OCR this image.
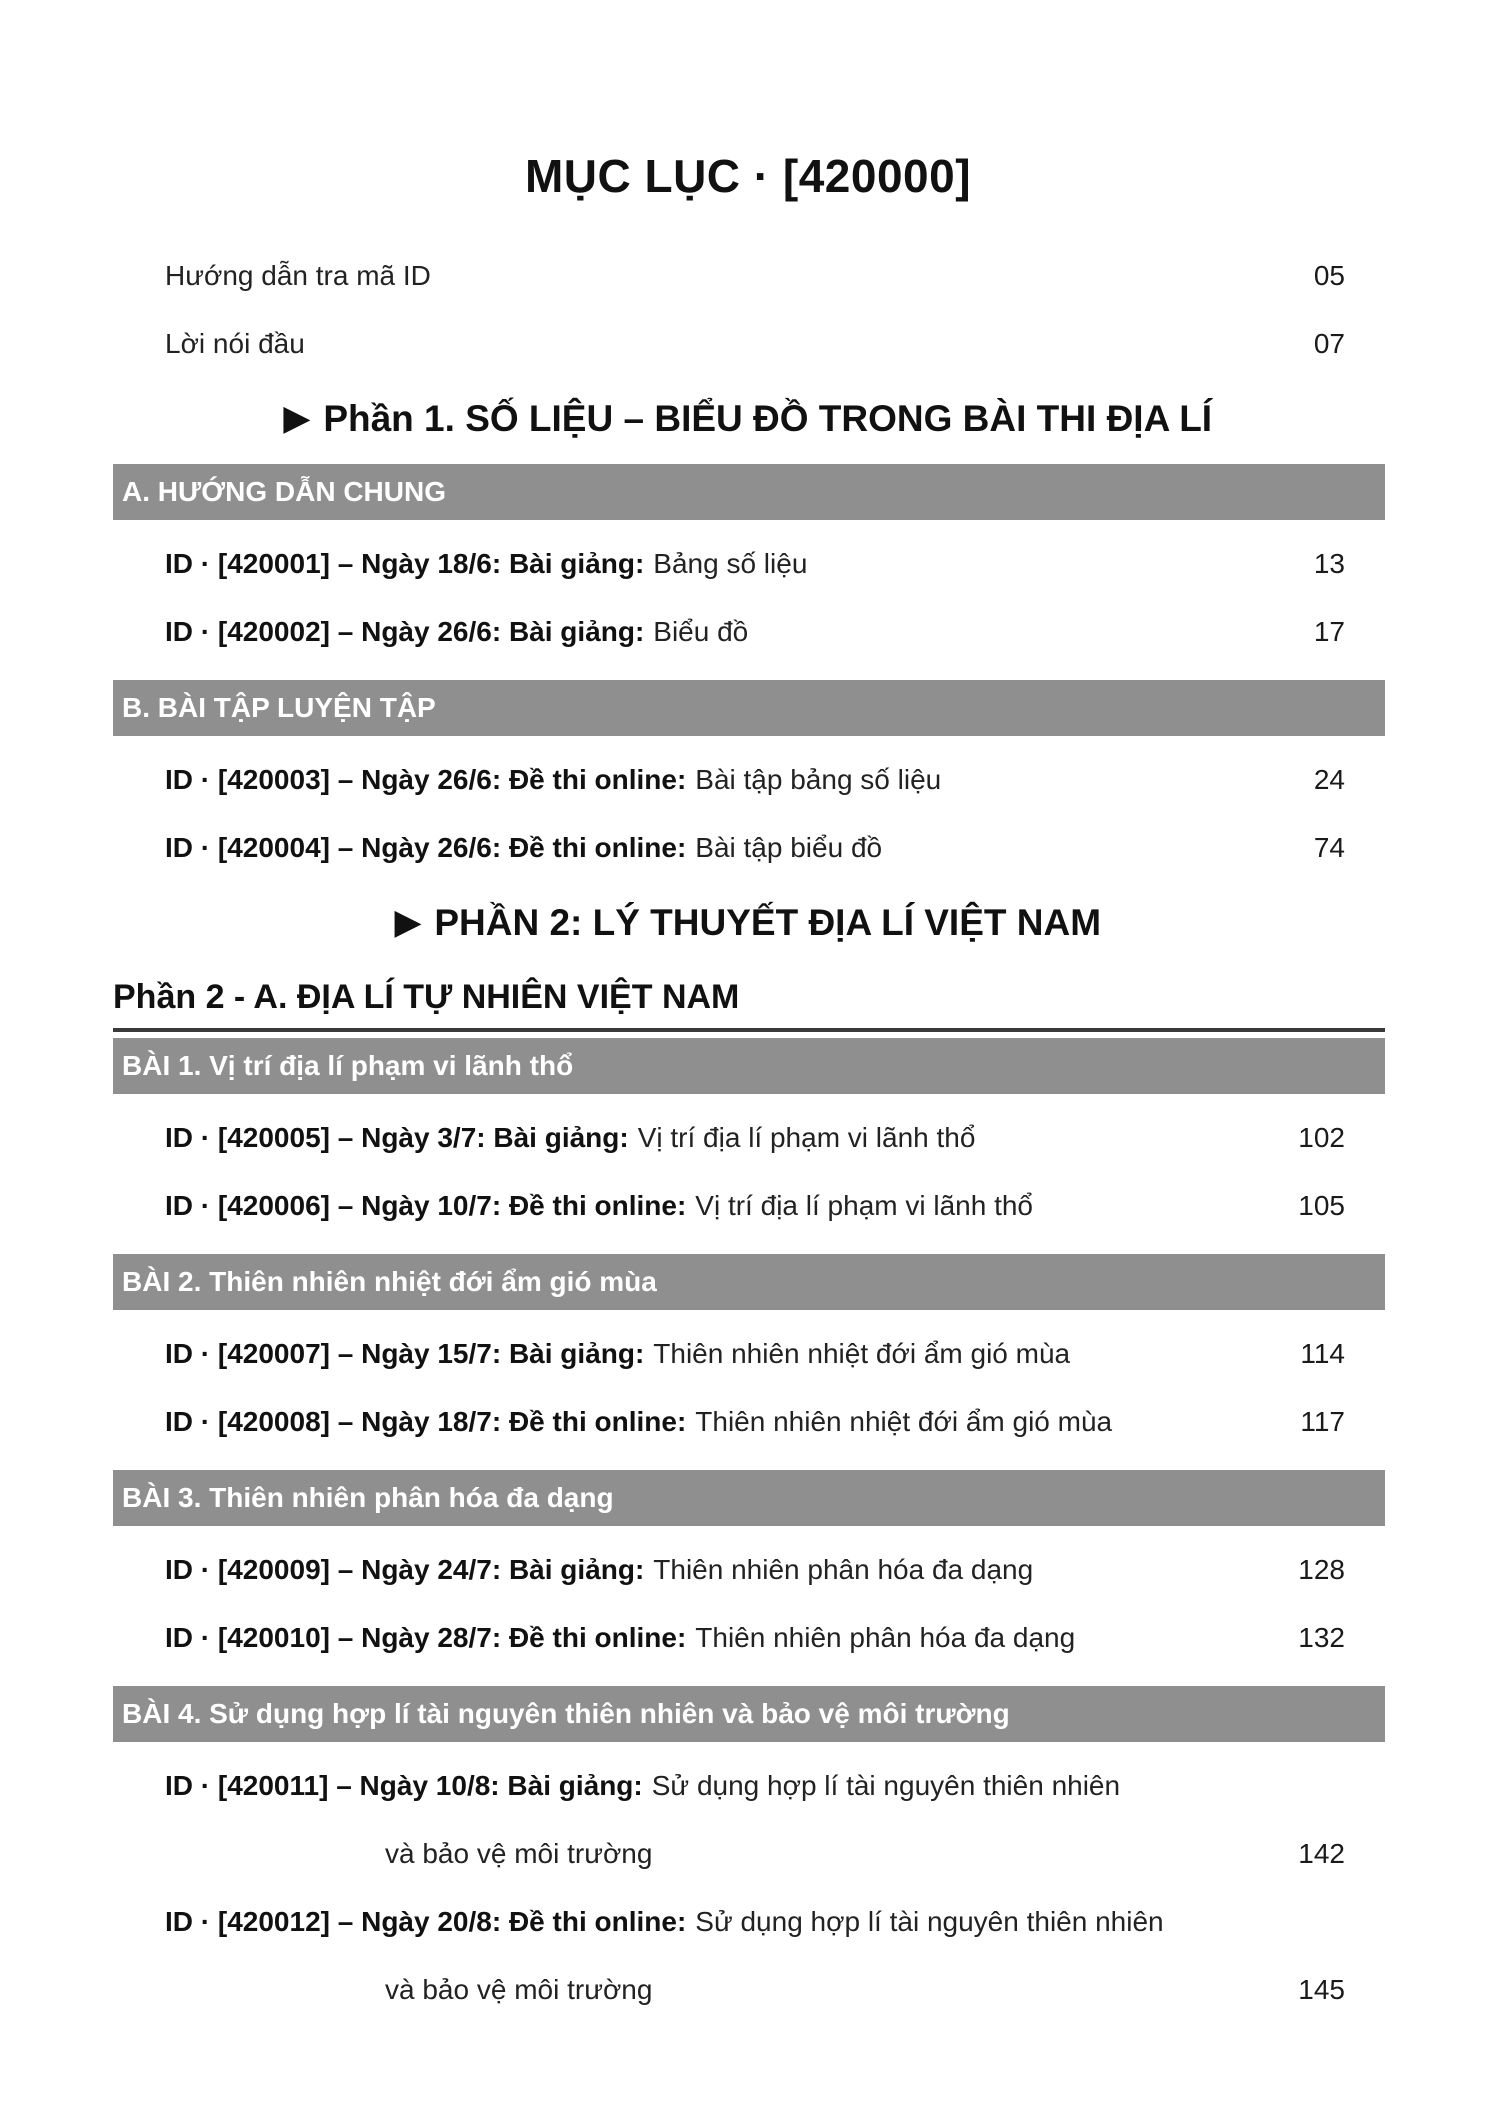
MỤC LỤC · [420000]
Hướng dẫn tra mã ID	05
Lời nói đầu	07
▶ Phần 1. SỐ LIỆU – BIỂU ĐỒ TRONG BÀI THI ĐỊA LÍ
A. HƯỚNG DẪN CHUNG
ID · [420001] – Ngày 18/6: Bài giảng: Bảng số liệu	13
ID · [420002] – Ngày 26/6: Bài giảng: Biểu đồ	17
B. BÀI TẬP LUYỆN TẬP
ID · [420003] – Ngày 26/6: Đề thi online: Bài tập bảng số liệu	24
ID · [420004] – Ngày 26/6: Đề thi online: Bài tập biểu đồ	74
▶ PHẦN 2: LÝ THUYẾT ĐỊA LÍ VIỆT NAM
Phần 2 - A. ĐỊA LÍ TỰ NHIÊN VIỆT NAM
BÀI 1. Vị trí địa lí phạm vi lãnh thổ
ID · [420005] – Ngày 3/7: Bài giảng: Vị trí địa lí phạm vi lãnh thổ	102
ID · [420006] – Ngày 10/7: Đề thi online: Vị trí địa lí phạm vi lãnh thổ	105
BÀI 2. Thiên nhiên nhiệt đới ẩm gió mùa
ID · [420007] – Ngày 15/7: Bài giảng: Thiên nhiên nhiệt đới ẩm gió mùa	114
ID · [420008] – Ngày 18/7: Đề thi online: Thiên nhiên nhiệt đới ẩm gió mùa	117
BÀI 3. Thiên nhiên phân hóa đa dạng
ID · [420009] – Ngày 24/7: Bài giảng: Thiên nhiên phân hóa đa dạng	128
ID · [420010] – Ngày 28/7: Đề thi online: Thiên nhiên phân hóa đa dạng	132
BÀI 4. Sử dụng hợp lí tài nguyên thiên nhiên và bảo vệ môi trường
ID · [420011] – Ngày 10/8: Bài giảng: Sử dụng hợp lí tài nguyên thiên nhiên
và bảo vệ môi trường	142
ID · [420012] – Ngày 20/8: Đề thi online: Sử dụng hợp lí tài nguyên thiên nhiên
và bảo vệ môi trường	145
